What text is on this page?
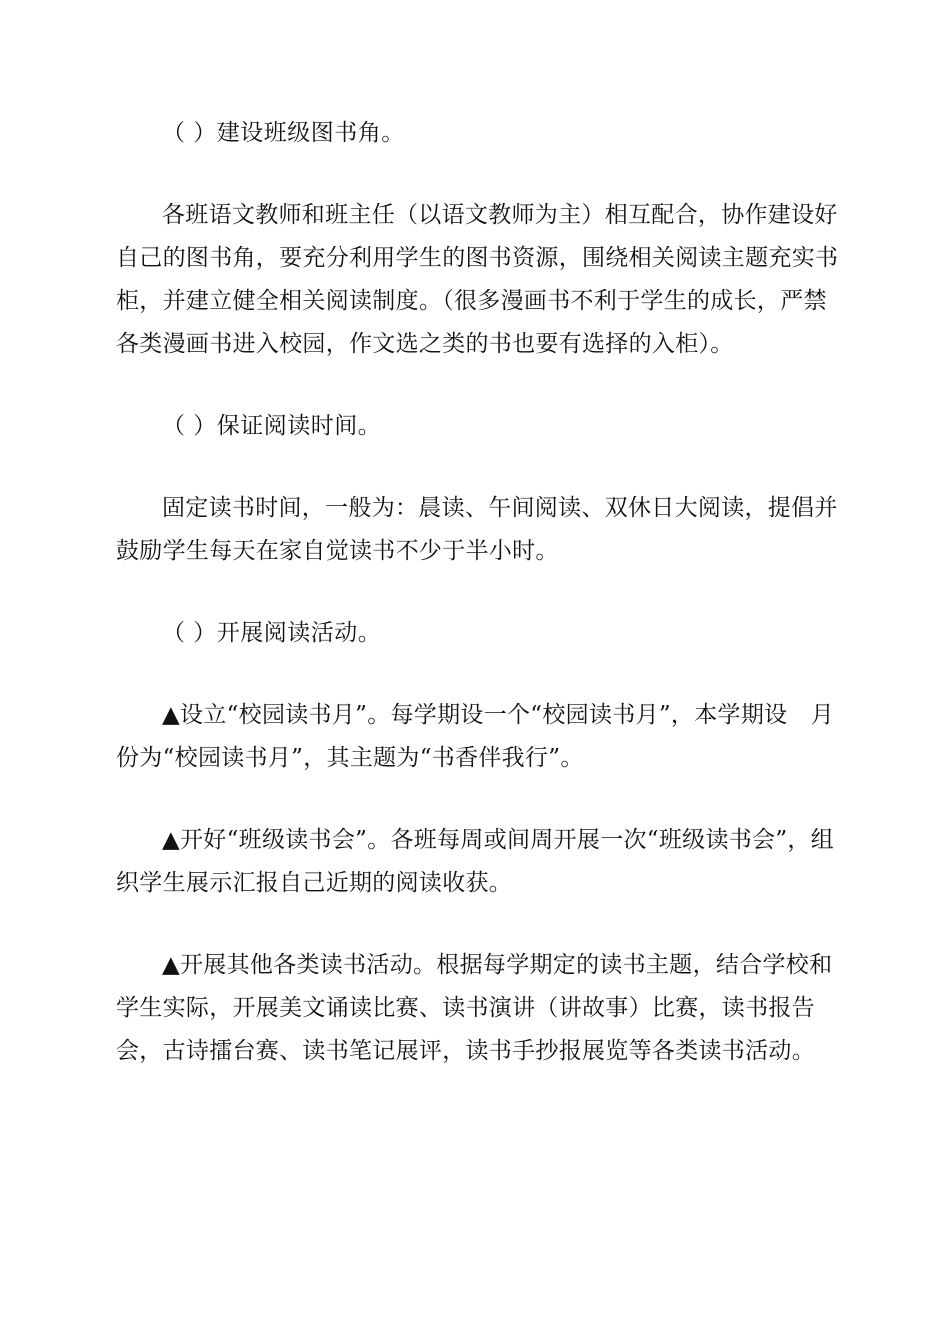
（ ）建设班级图书角。

各班语文教师和班主任（以语文教师为主）相互配合，协作建设好自己的图书角，要充分利用学生的图书资源，围绕相关阅读主题充实书柜，并建立健全相关阅读制度。（很多漫画书不利于学生的成长，严禁各类漫画书进入校园，作文选之类的书也要有选择的入柜）。

（ ）保证阅读时间。

固定读书时间，一般为：晨读、午间阅读、双休日大阅读，提倡并鼓励学生每天在家自觉读书不少于半小时。

（ ）开展阅读活动。

▲设立“校园读书月”。每学期设一个“校园读书月”，本学期设　月份为“校园读书月”，其主题为“书香伴我行”。

▲开好“班级读书会”。各班每周或间周开展一次“班级读书会”，组织学生展示汇报自己近期的阅读收获。

▲开展其他各类读书活动。根据每学期定的读书主题，结合学校和学生实际，开展美文诵读比赛、读书演讲（讲故事）比赛，读书报告会，古诗擂台赛、读书笔记展评，读书手抄报展览等各类读书活动。
